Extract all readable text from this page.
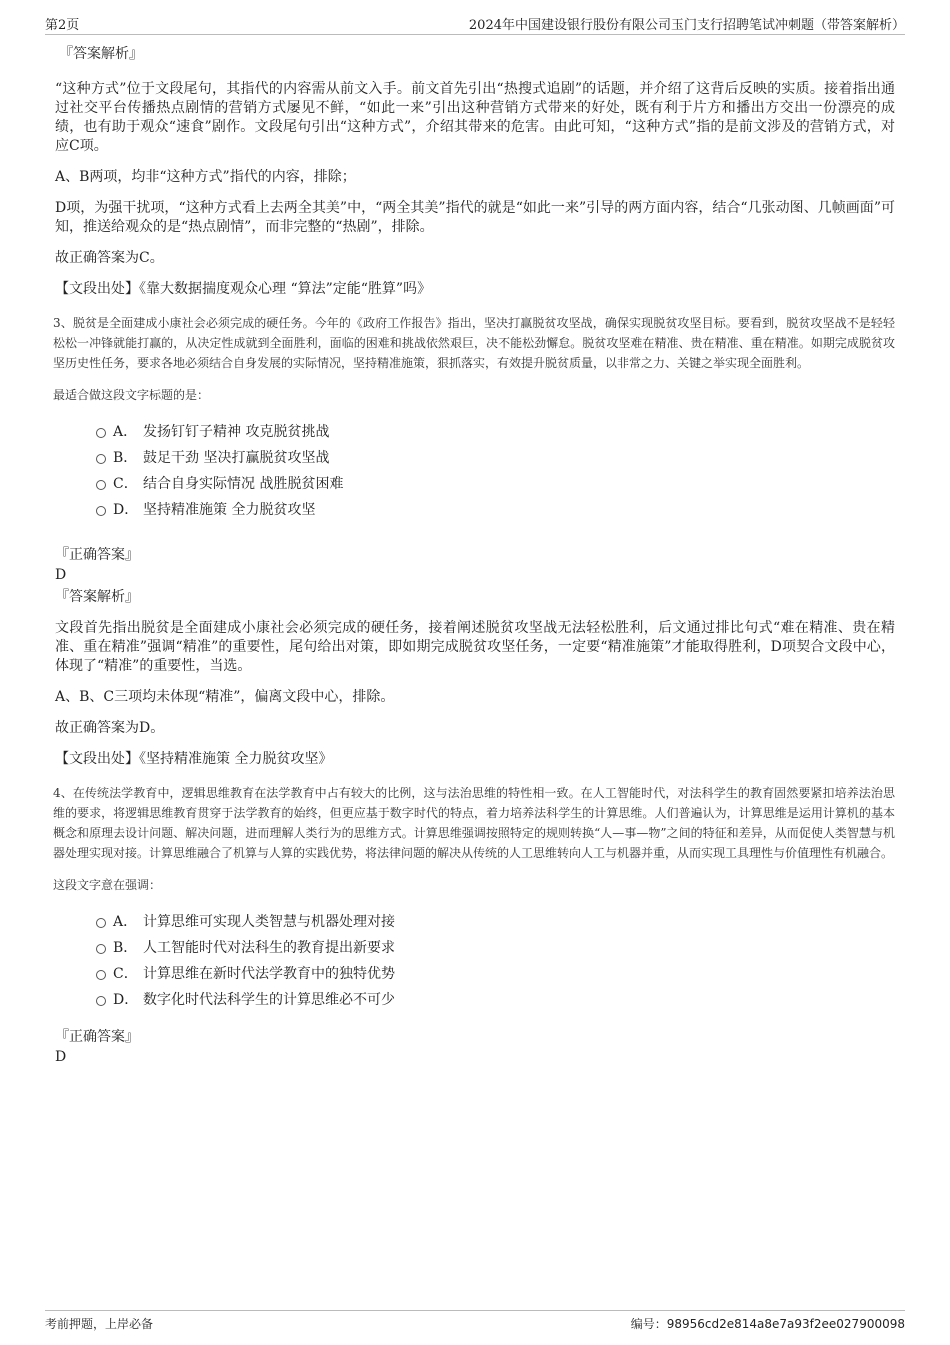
第2页	2024年中国建设银行股份有限公司玉门支行招聘笔试冲刺题（带答案解析）
『答案解析』

“这种方式”位于文段尾句，其指代的内容需从前文入手。前文首先引出“热搜式追剧”的话题，并介绍了这背后反映的实质。接着指出通过社交平台传播热点剧情的营销方式屡见不鲜，“如此一来”引出这种营销方式带来的好处，既有利于片方和播出方交出一份漂亮的成绩，也有助于观众“速食”剧作。文段尾句引出“这种方式”，介绍其带来的危害。由此可知，“这种方式”指的是前文涉及的营销方式，对应C项。

A、B两项，均非“这种方式”指代的内容，排除；

D项，为强干扰项，“这种方式看上去两全其美”中，“两全其美”指代的就是“如此一来”引导的两方面内容，结合“几张动图、几帧画面”可知，推送给观众的是“热点剧情”，而非完整的“热剧”，排除。

故正确答案为C。

【文段出处】《靠大数据揣度观众心理 “算法”定能“胜算”吗》

3、脱贫是全面建成小康社会必须完成的硬任务。今年的《政府工作报告》指出，坚决打赢脱贫攻坚战，确保实现脱贫攻坚目标。要看到，脱贫攻坚战不是轻轻松松一冲锋就能打赢的，从决定性成就到全面胜利，面临的困难和挑战依然艰巨，决不能松劲懈怠。脱贫攻坚难在精准、贵在精准、重在精准。如期完成脱贫攻坚历史性任务，要求各地必须结合自身发展的实际情况，坚持精准施策，狠抓落实，有效提升脱贫质量，以非常之力、关键之举实现全面胜利。

最适合做这段文字标题的是：

A． 发扬钉钉子精神 攻克脱贫挑战
B． 鼓足干劲 坚决打赢脱贫攻坚战
C． 结合自身实际情况 战胜脱贫困难
D． 坚持精准施策 全力脱贫攻坚
『正确答案』
D
『答案解析』

文段首先指出脱贫是全面建成小康社会必须完成的硬任务，接着阐述脱贫攻坚战无法轻松胜利，后文通过排比句式“难在精准、贵在精准、重在精准”强调“精准”的重要性，尾句给出对策，即如期完成脱贫攻坚任务，一定要“精准施策”才能取得胜利，D项契合文段中心，体现了“精准”的重要性，当选。

A、B、C三项均未体现“精准”，偏离文段中心，排除。

故正确答案为D。

【文段出处】《坚持精准施策 全力脱贫攻坚》

4、在传统法学教育中，逻辑思维教育在法学教育中占有较大的比例，这与法治思维的特性相一致。在人工智能时代，对法科学生的教育固然要紧扣培养法治思维的要求，将逻辑思维教育贯穿于法学教育的始终，但更应基于数字时代的特点，着力培养法科学生的计算思维。人们普遍认为，计算思维是运用计算机的基本概念和原理去设计问题、解决问题，进而理解人类行为的思维方式。计算思维强调按照特定的规则转换“人—事—物”之间的特征和差异，从而促使人类智慧与机器处理实现对接。计算思维融合了机算与人算的实践优势，将法律问题的解决从传统的人工思维转向人工与机器并重，从而实现工具理性与价值理性有机融合。

这段文字意在强调：

A． 计算思维可实现人类智慧与机器处理对接
B． 人工智能时代对法科生的教育提出新要求
C． 计算思维在新时代法学教育中的独特优势
D． 数字化时代法科学生的计算思维必不可少
『正确答案』
D
考前押题，上岸必备	编号：98956cd2e814a8e7a93f2ee027900098
